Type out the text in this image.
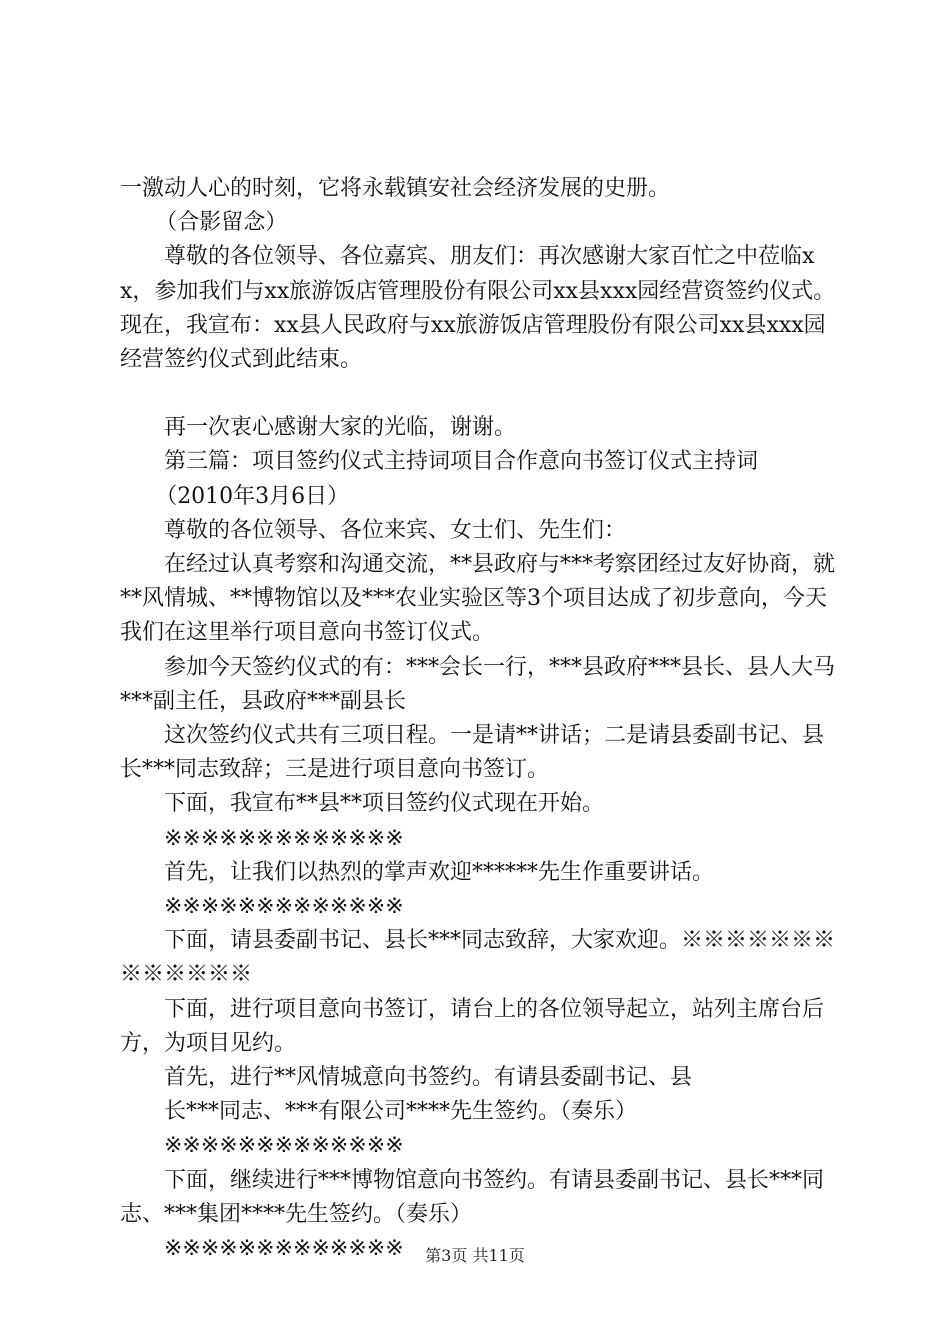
一激动人心的时刻，它将永载镇安社会经济发展的史册。

（合影留念）

尊敬的各位领导、各位嘉宾、朋友们：再次感谢大家百忙之中莅临xx，参加我们与xx旅游饭店管理股份有限公司xx县xxx园经营资签约仪式。现在，我宣布：xx县人民政府与xx旅游饭店管理股份有限公司xx县xxx园经营签约仪式到此结束。

再一次衷心感谢大家的光临，谢谢。

第三篇：项目签约仪式主持词项目合作意向书签订仪式主持词

（2010年3月6日）

尊敬的各位领导、各位来宾、女士们、先生们：

在经过认真考察和沟通交流，**县政府与***考察团经过友好协商，就**风情城、**博物馆以及***农业实验区等3个项目达成了初步意向，今天我们在这里举行项目意向书签订仪式。

参加今天签约仪式的有：***会长一行，***县政府***县长、县人大马***副主任，县政府***副县长

这次签约仪式共有三项日程。一是请**讲话；二是请县委副书记、县长***同志致辞；三是进行项目意向书签订。

下面，我宣布**县**项目签约仪式现在开始。

※※※※※※※※※※※※※

首先，让我们以热烈的掌声欢迎******先生作重要讲话。

※※※※※※※※※※※※※

下面，请县委副书记、县长***同志致辞，大家欢迎。※※※※※※※※※※※※※

下面，进行项目意向书签订，请台上的各位领导起立，站列主席台后方，为项目见约。

首先，进行**风情城意向书签约。有请县委副书记、县

长***同志、***有限公司****先生签约。（奏乐）

※※※※※※※※※※※※※

下面，继续进行***博物馆意向书签约。有请县委副书记、县长***同志、***集团****先生签约。（奏乐）

※※※※※※※※※※※※※	第3页 共11页
